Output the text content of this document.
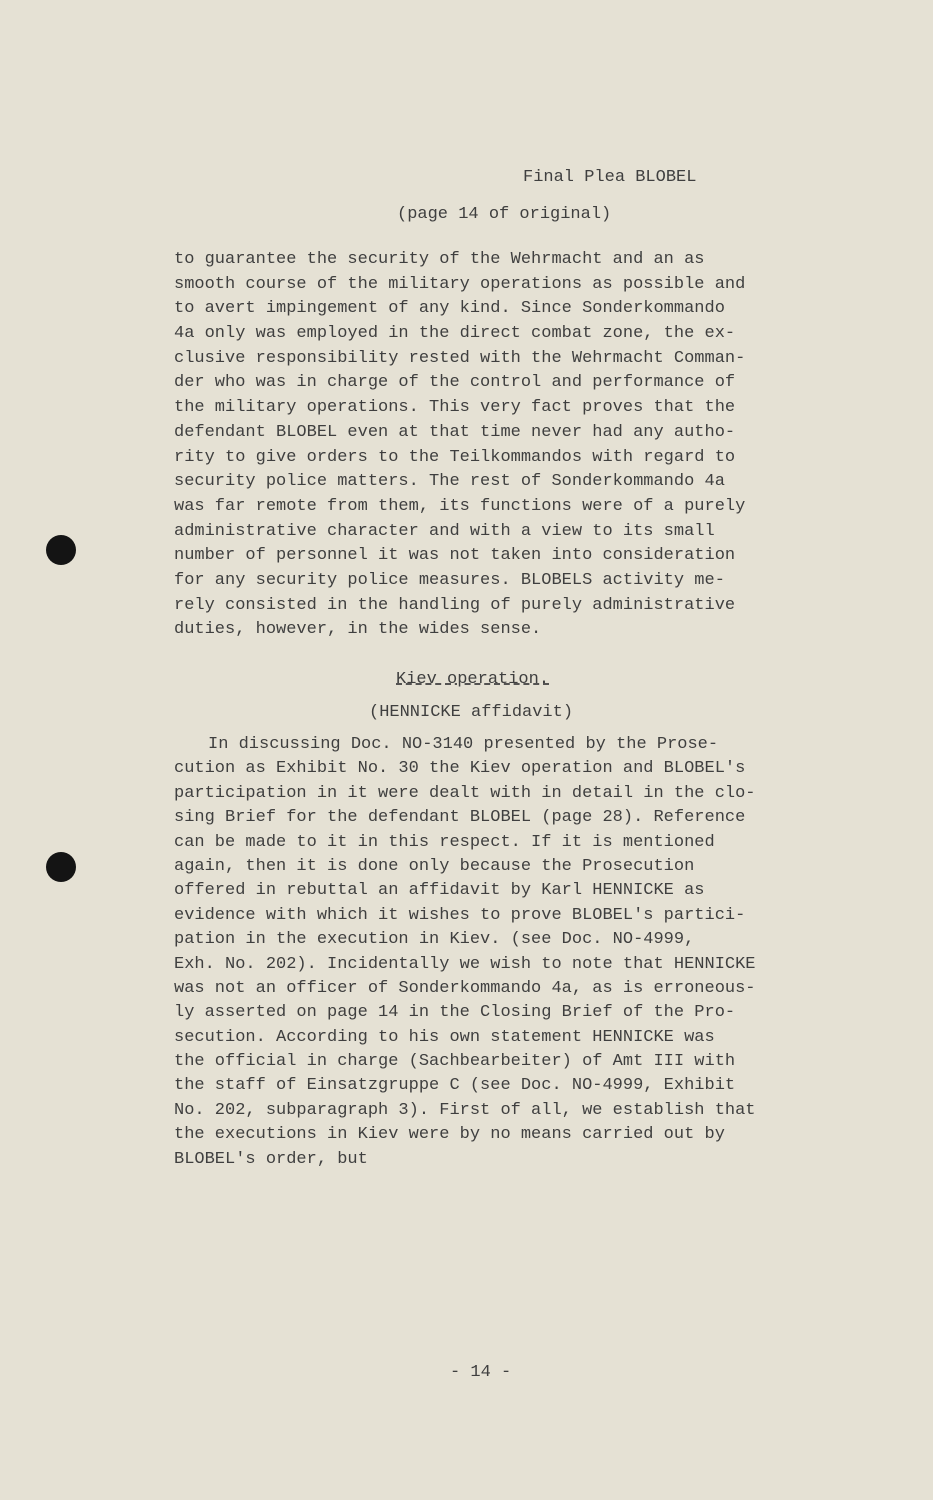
Final Plea BLOBEL
(page 14 of original)
to guarantee the security of the Wehrmacht and an as
smooth course of the military operations as possible and
to avert impingement of any kind. Since Sonderkommando
4a only was employed in the direct combat zone, the ex-
clusive responsibility rested with the Wehrmacht Comman-
der who was in charge of the control and performance of
the military operations. This very fact proves that the
defendant BLOBEL even at that time never had any autho-
rity to give orders to the Teilkommandos with regard to
security police matters. The rest of Sonderkommando 4a
was far remote from them, its functions were of a purely
administrative character and with a view to its small
number of personnel it was not taken into consideration
for any security police measures. BLOBELS activity me-
rely consisted in the handling of purely administrative
duties, however, in the wides sense.
Kiev operation.
(HENNICKE affidavit)
In discussing Doc. NO-3140 presented by the Prose-
cution as Exhibit No. 30 the Kiev operation and BLOBEL's
participation in it were dealt with in detail in the clo-
sing Brief for the defendant BLOBEL (page 28). Reference
can be made to it in this respect. If it is mentioned
again, then it is done only because the Prosecution
offered in rebuttal an affidavit by Karl HENNICKE as
evidence with which it wishes to prove BLOBEL's partici-
pation in the execution in Kiev. (see Doc. NO-4999,
Exh. No. 202). Incidentally we wish to note that HENNICKE
was not an officer of Sonderkommando 4a, as is erroneous-
ly asserted on page 14 in the Closing Brief of the Pro-
secution. According to his own statement HENNICKE was
the official in charge (Sachbearbeiter) of Amt III with
the staff of Einsatzgruppe C (see Doc. NO-4999, Exhibit
No. 202, subparagraph 3). First of all, we establish that
the executions in Kiev were by no means carried out by
BLOBEL's order, but
- 14 -
